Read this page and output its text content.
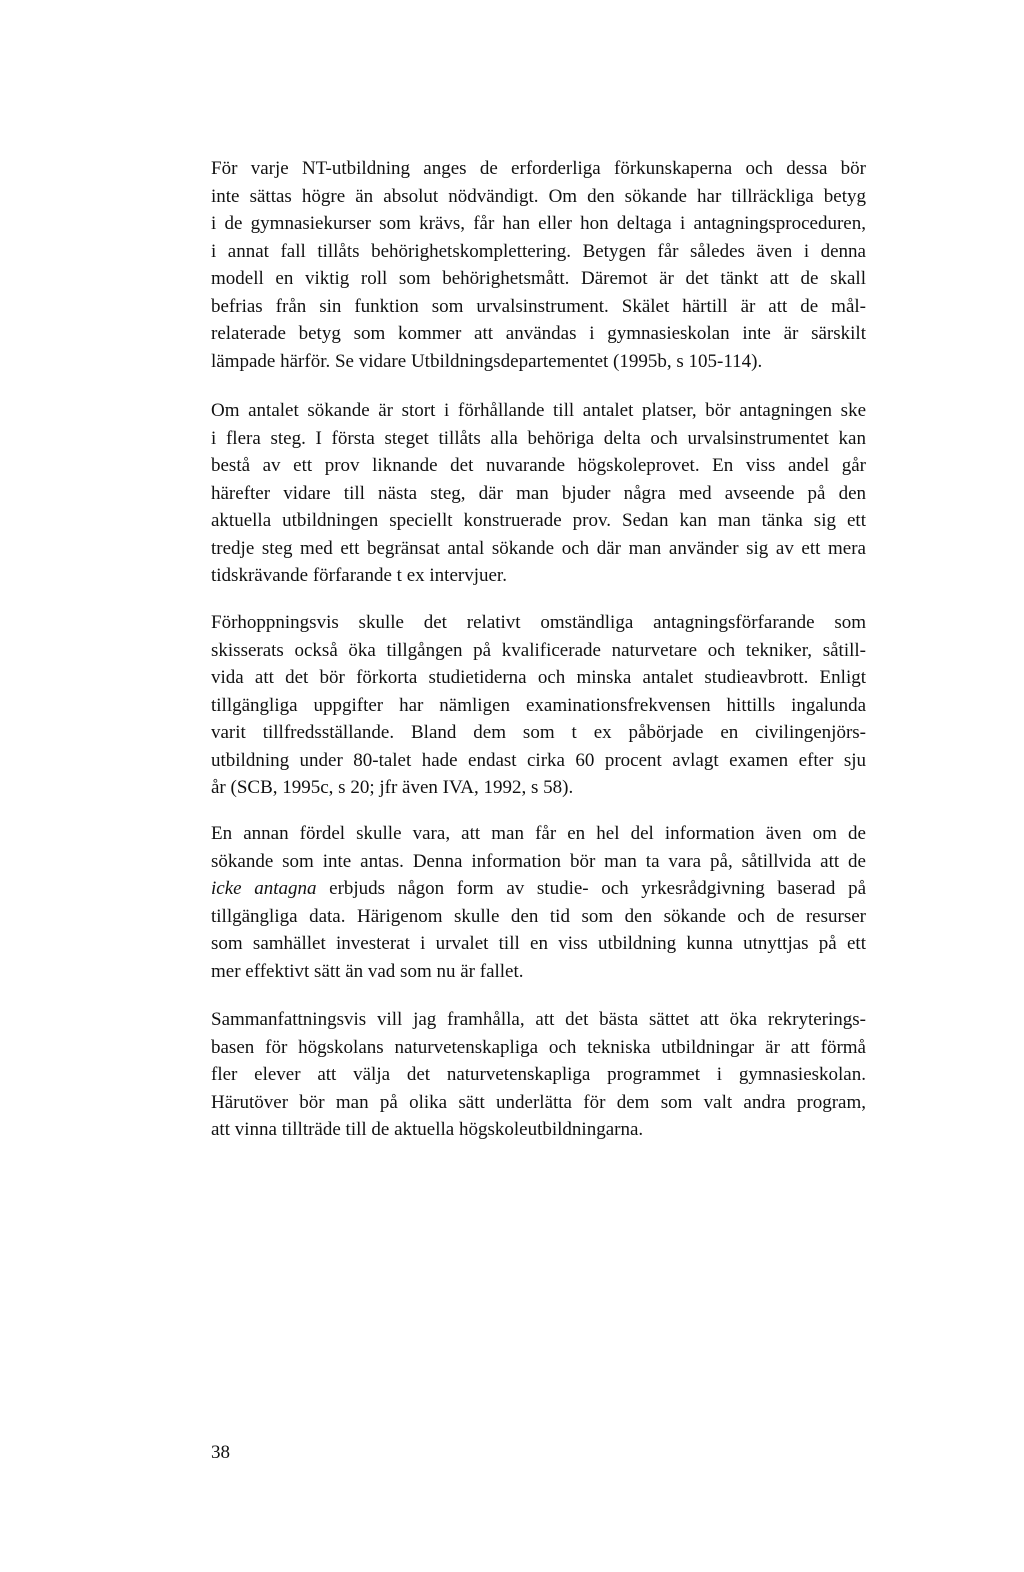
För varje NT-utbildning anges de erforderliga förkunskaperna och dessa bör
inte sättas högre än absolut nödvändigt. Om den sökande har tillräckliga betyg
i de gymnasiekurser som krävs, får han eller hon deltaga i antagningsproceduren,
i annat fall tillåts behörighetskomplettering. Betygen får således även i denna
modell en viktig roll som behörighetsmått. Däremot är det tänkt att de skall
befrias från sin funktion som urvalsinstrument. Skälet härtill är att de mål-
relaterade betyg som kommer att användas i gymnasieskolan inte är särskilt
lämpade härför. Se vidare Utbildningsdepartementet (1995b, s 105-114).

Om antalet sökande är stort i förhållande till antalet platser, bör antagningen ske
i flera steg. I första steget tillåts alla behöriga delta och urvalsinstrumentet kan
bestå av ett prov liknande det nuvarande högskoleprovet. En viss andel går
härefter vidare till nästa steg, där man bjuder några med avseende på den
aktuella utbildningen speciellt konstruerade prov. Sedan kan man tänka sig ett
tredje steg med ett begränsat antal sökande och där man använder sig av ett mera
tidskrävande förfarande t ex intervjuer.

Förhoppningsvis skulle det relativt omständliga antagningsförfarande som
skisserats också öka tillgången på kvalificerade naturvetare och tekniker, såtill-
vida att det bör förkorta studietiderna och minska antalet studieavbrott. Enligt
tillgängliga uppgifter har nämligen examinationsfrekvensen hittills ingalunda
varit tillfredsställande. Bland dem som t ex påbörjade en civilingenjörs-
utbildning under 80-talet hade endast cirka 60 procent avlagt examen efter sju
år (SCB, 1995c, s 20; jfr även IVA, 1992, s 58).

En annan fördel skulle vara, att man får en hel del information även om de
sökande som inte antas. Denna information bör man ta vara på, såtillvida att de
icke antagna erbjuds någon form av studie- och yrkesrådgivning baserad på
tillgängliga data. Härigenom skulle den tid som den sökande och de resurser
som samhället investerat i urvalet till en viss utbildning kunna utnyttjas på ett
mer effektivt sätt än vad som nu är fallet.

Sammanfattningsvis vill jag framhålla, att det bästa sättet att öka rekryterings-
basen för högskolans naturvetenskapliga och tekniska utbildningar är att förmå
fler elever att välja det naturvetenskapliga programmet i gymnasieskolan.
Härutöver bör man på olika sätt underlätta för dem som valt andra program,
att vinna tillträde till de aktuella högskoleutbildningarna.

38
